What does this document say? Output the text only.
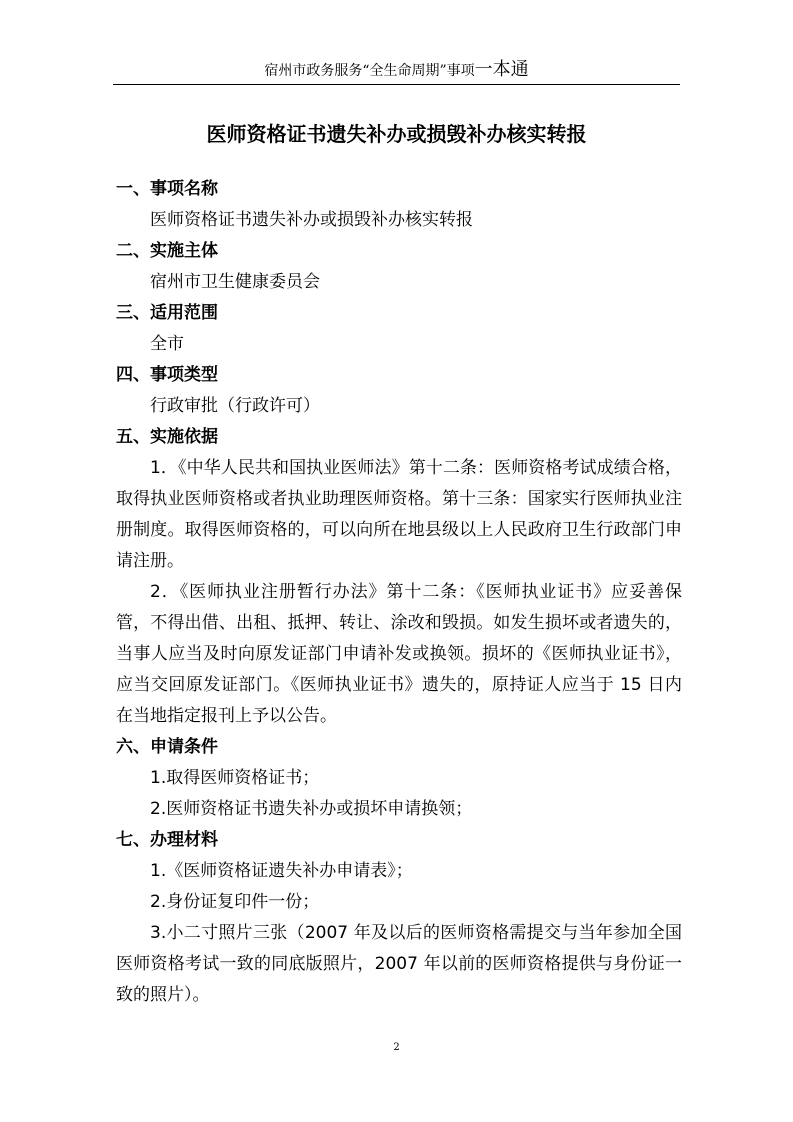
宿州市政务服务“全生命周期”事项一本通
医师资格证书遗失补办或损毁补办核实转报
一、事项名称
医师资格证书遗失补办或损毁补办核实转报
二、实施主体
宿州市卫生健康委员会
三、适用范围
全市
四、事项类型
行政审批（行政许可）
五、实施依据

1．《中华人民共和国执业医师法》第十二条：医师资格考试成绩合格，取得执业医师资格或者执业助理医师资格。第十三条：国家实行医师执业注册制度。取得医师资格的，可以向所在地县级以上人民政府卫生行政部门申请注册。

2．《医师执业注册暂行办法》第十二条：《医师执业证书》应妥善保管，不得出借、出租、抵押、转让、涂改和毁损。如发生损坏或者遗失的，当事人应当及时向原发证部门申请补发或换领。损坏的《医师执业证书》，应当交回原发证部门。《医师执业证书》遗失的，原持证人应当于 15 日内在当地指定报刊上予以公告。

六、申请条件
1.取得医师资格证书；
2.医师资格证书遗失补办或损坏申请换领；
七、办理材料
1.《医师资格证遗失补办申请表》；
2.身份证复印件一份；

3.小二寸照片三张（2007 年及以后的医师资格需提交与当年参加全国医师资格考试一致的同底版照片，2007 年以前的医师资格提供与身份证一致的照片）。

2
